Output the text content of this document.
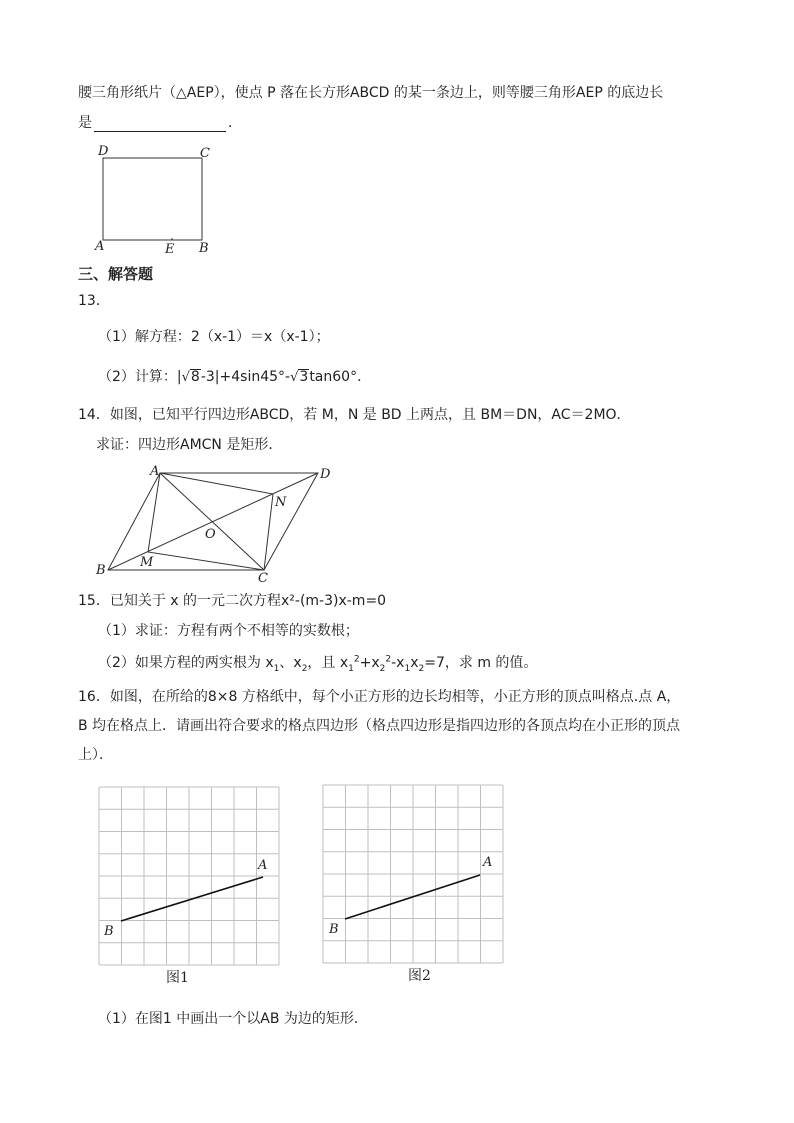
腰三角形纸片（△AEP），使点 P 落在长方形ABCD 的某一条边上，则等腰三角形AEP 的底边长
是	．
D	C
A	E B
三、解答题
13．
（1）解方程：2（x-1）＝x（x-1）；
（2）计算：|√8-3|+4sin45°-√3tan60°．
14．如图，已知平行四边形ABCD，若 M，N 是 BD 上两点，且 BM＝DN，AC＝2MO．
求证：四边形AMCN 是矩形．
A	D
N
O
B
M
C
15．已知关于 x 的一元二次方程x²-(m-3)x-m=0
（1）求证：方程有两个不相等的实数根；
（2）如果方程的两实根为 $x_1$、$x_2$，且 $x_1^2+x_2^2-x_1x_2=7$，求 m 的值。
16．如图，在所给的8×8 方格纸中，每个小正方形的边长均相等，小正方形的顶点叫格点.点 A，
B 均在格点上．请画出符合要求的格点四边形（格点四边形是指四边形的各顶点均在小正形的顶点
上）．
A
B
图1
A
B
图2
（1）在图1 中画出一个以AB 为边的矩形．
